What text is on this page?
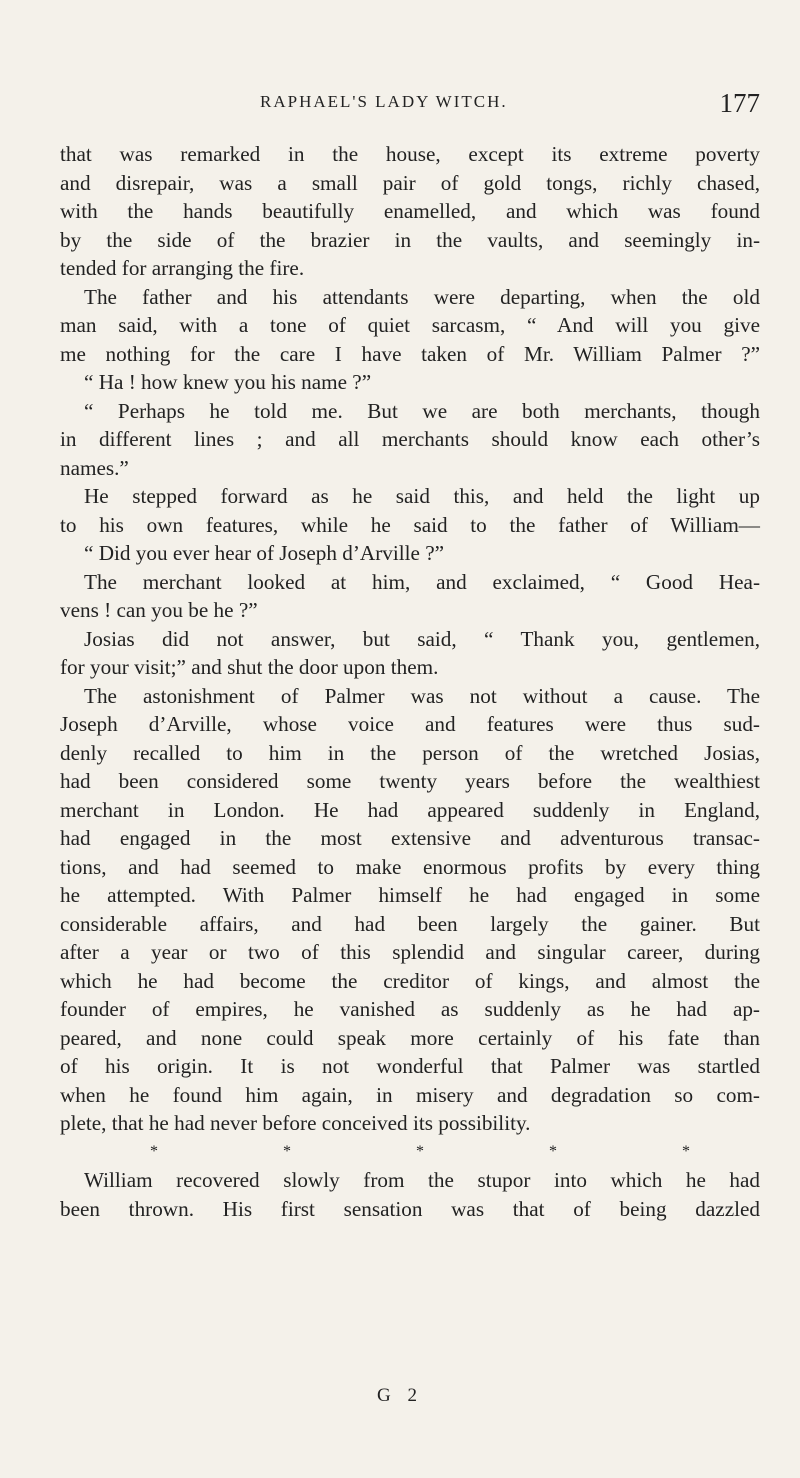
RAPHAEL'S LADY WITCH.	177
that was remarked in the house, except its extreme poverty
and disrepair, was a small pair of gold tongs, richly chased,
with the hands beautifully enamelled, and which was found
by the side of the brazier in the vaults, and seemingly in-
tended for arranging the fire.
The father and his attendants were departing, when the old
man said, with a tone of quiet sarcasm, “ And will you give
me nothing for the care I have taken of Mr. William Palmer ?”
“ Ha ! how knew you his name ?”
“ Perhaps he told me. But we are both merchants, though
in different lines ; and all merchants should know each other’s
names.”
He stepped forward as he said this, and held the light up
to his own features, while he said to the father of William—
“ Did you ever hear of Joseph d’Arville ?”
The merchant looked at him, and exclaimed, “ Good Hea-
vens ! can you be he ?”
Josias did not answer, but said, “ Thank you, gentlemen,
for your visit;” and shut the door upon them.
The astonishment of Palmer was not without a cause. The
Joseph d’Arville, whose voice and features were thus sud-
denly recalled to him in the person of the wretched Josias,
had been considered some twenty years before the wealthiest
merchant in London. He had appeared suddenly in England,
had engaged in the most extensive and adventurous transac-
tions, and had seemed to make enormous profits by every thing
he attempted. With Palmer himself he had engaged in some
considerable affairs, and had been largely the gainer. But
after a year or two of this splendid and singular career, during
which he had become the creditor of kings, and almost the
founder of empires, he vanished as suddenly as he had ap-
peared, and none could speak more certainly of his fate than
of his origin. It is not wonderful that Palmer was startled
when he found him again, in misery and degradation so com-
plete, that he had never before conceived its possibility.
*	*	*	*	*
William recovered slowly from the stupor into which he had
been thrown. His first sensation was that of being dazzled
G 2
